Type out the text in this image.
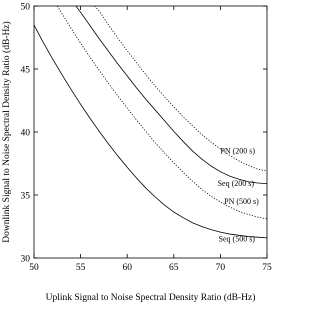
50	55	60	65	70	75
30
35
40
45
50
PN (200 s)
Seq (200 s)
PN (500 s)
Seq (500 s)
Uplink Signal to Noise Spectral Density Ratio (dB-Hz)
Downlink Signal to Noise Spectral Density Ratio (dB-Hz)
